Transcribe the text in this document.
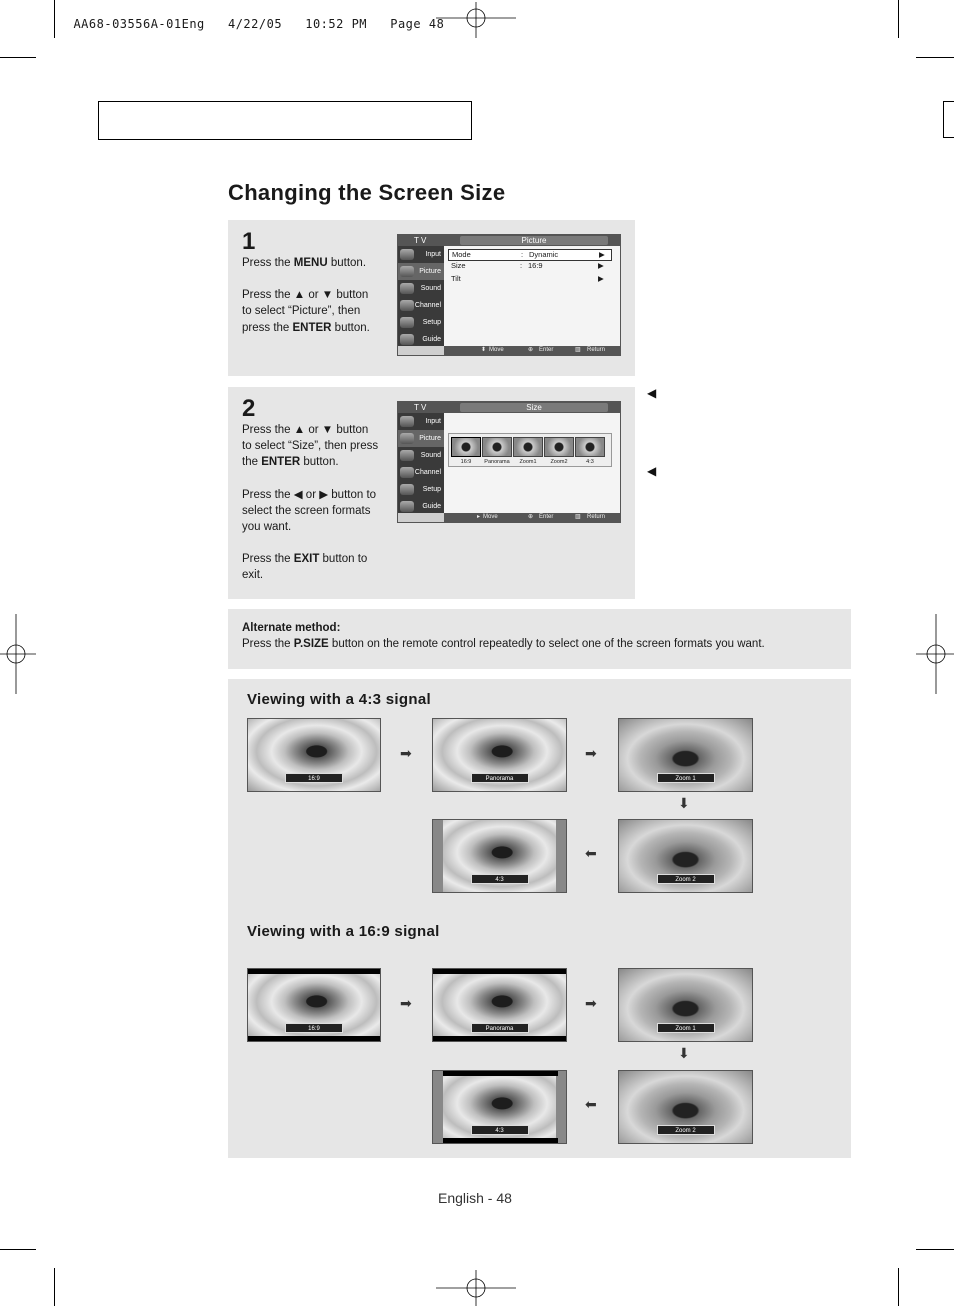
AA68-03556A-01Eng 4/22/05 10:52 PM Page 48

Changing the Screen Size
1
Press the MENU button.
Press the ▲ or ▼ button
to select “Picture”, then
press the ENTER button.
T V	Picture
Input
Picture
Sound
Channel
Setup
Guide
Mode	: Dynamic	▶
Size	: 16:9	▶
Tilt	▶
⬍ Move	⊕ Enter	▥ Return
2
Press the ▲ or ▼ button
to select “Size”, then press
the ENTER button.
Press the ◀ or ▶ button to
select the screen formats
you want.
Press the EXIT button to
exit.
T V	Size
Input
Picture
Sound
Channel
Setup
Guide
16:9	Panorama	Zoom1	Zoom2	4:3
▸ Move	⊕ Enter	▥ Return
◀
◀
Alternate method:
Press the P.SIZE button on the remote control repeatedly to select one of the screen formats you want.
Viewing with a 4:3 signal
16:9
➡
Panorama
➡
Zoom 1
⬇
4:3
⬅
Zoom 2
Viewing with a 16:9 signal
16:9
➡
Panorama
➡
Zoom 1
⬇
4:3
⬅
Zoom 2
English - 48
